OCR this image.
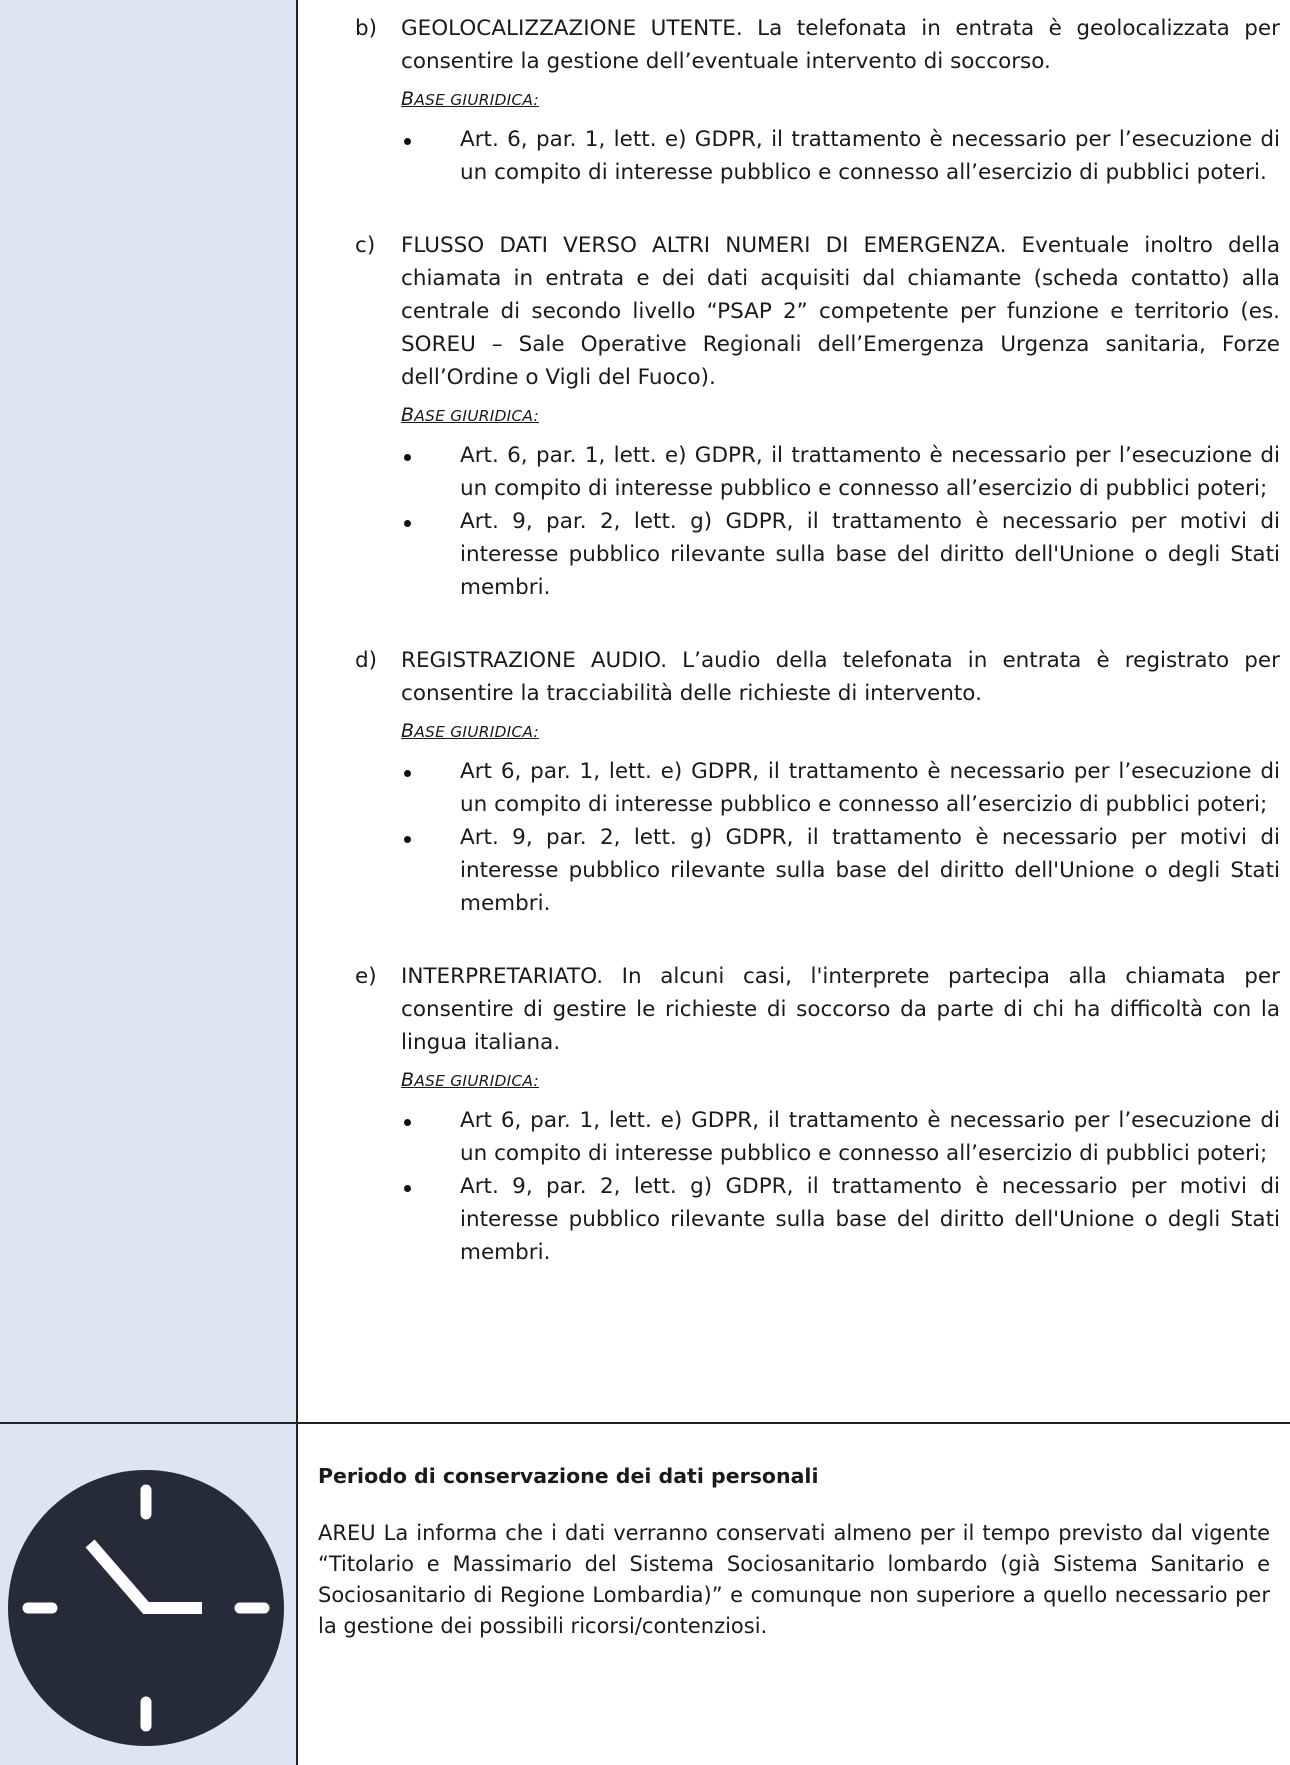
b) GEOLOCALIZZAZIONE UTENTE. La telefonata in entrata è geolocalizzata per consentire la gestione dell’eventuale intervento di soccorso.
BASE GIURIDICA:
Art. 6, par. 1, lett. e) GDPR, il trattamento è necessario per l’esecuzione di un compito di interesse pubblico e connesso all’esercizio di pubblici poteri.
c) FLUSSO DATI VERSO ALTRI NUMERI DI EMERGENZA. Eventuale inoltro della chiamata in entrata e dei dati acquisiti dal chiamante (scheda contatto) alla centrale di secondo livello “PSAP 2” competente per funzione e territorio (es. SOREU – Sale Operative Regionali dell’Emergenza Urgenza sanitaria, Forze dell’Ordine o Vigli del Fuoco).
BASE GIURIDICA:
Art. 6, par. 1, lett. e) GDPR, il trattamento è necessario per l’esecuzione di un compito di interesse pubblico e connesso all’esercizio di pubblici poteri;
Art. 9, par. 2, lett. g) GDPR, il trattamento è necessario per motivi di interesse pubblico rilevante sulla base del diritto dell'Unione o degli Stati membri.
d) REGISTRAZIONE AUDIO. L’audio della telefonata in entrata è registrato per consentire la tracciabilità delle richieste di intervento.
BASE GIURIDICA:
Art 6, par. 1, lett. e) GDPR, il trattamento è necessario per l’esecuzione di un compito di interesse pubblico e connesso all’esercizio di pubblici poteri;
Art. 9, par. 2, lett. g) GDPR, il trattamento è necessario per motivi di interesse pubblico rilevante sulla base del diritto dell'Unione o degli Stati membri.
e) INTERPRETARIATO. In alcuni casi, l'interprete partecipa alla chiamata per consentire di gestire le richieste di soccorso da parte di chi ha difficoltà con la lingua italiana.
BASE GIURIDICA:
Art 6, par. 1, lett. e) GDPR, il trattamento è necessario per l’esecuzione di un compito di interesse pubblico e connesso all’esercizio di pubblici poteri;
Art. 9, par. 2, lett. g) GDPR, il trattamento è necessario per motivi di interesse pubblico rilevante sulla base del diritto dell'Unione o degli Stati membri.
Periodo di conservazione dei dati personali

AREU La informa che i dati verranno conservati almeno per il tempo previsto dal vigente “Titolario e Massimario del Sistema Sociosanitario lombardo (già Sistema Sanitario e Sociosanitario di Regione Lombardia)” e comunque non superiore a quello necessario per la gestione dei possibili ricorsi/contenziosi.
